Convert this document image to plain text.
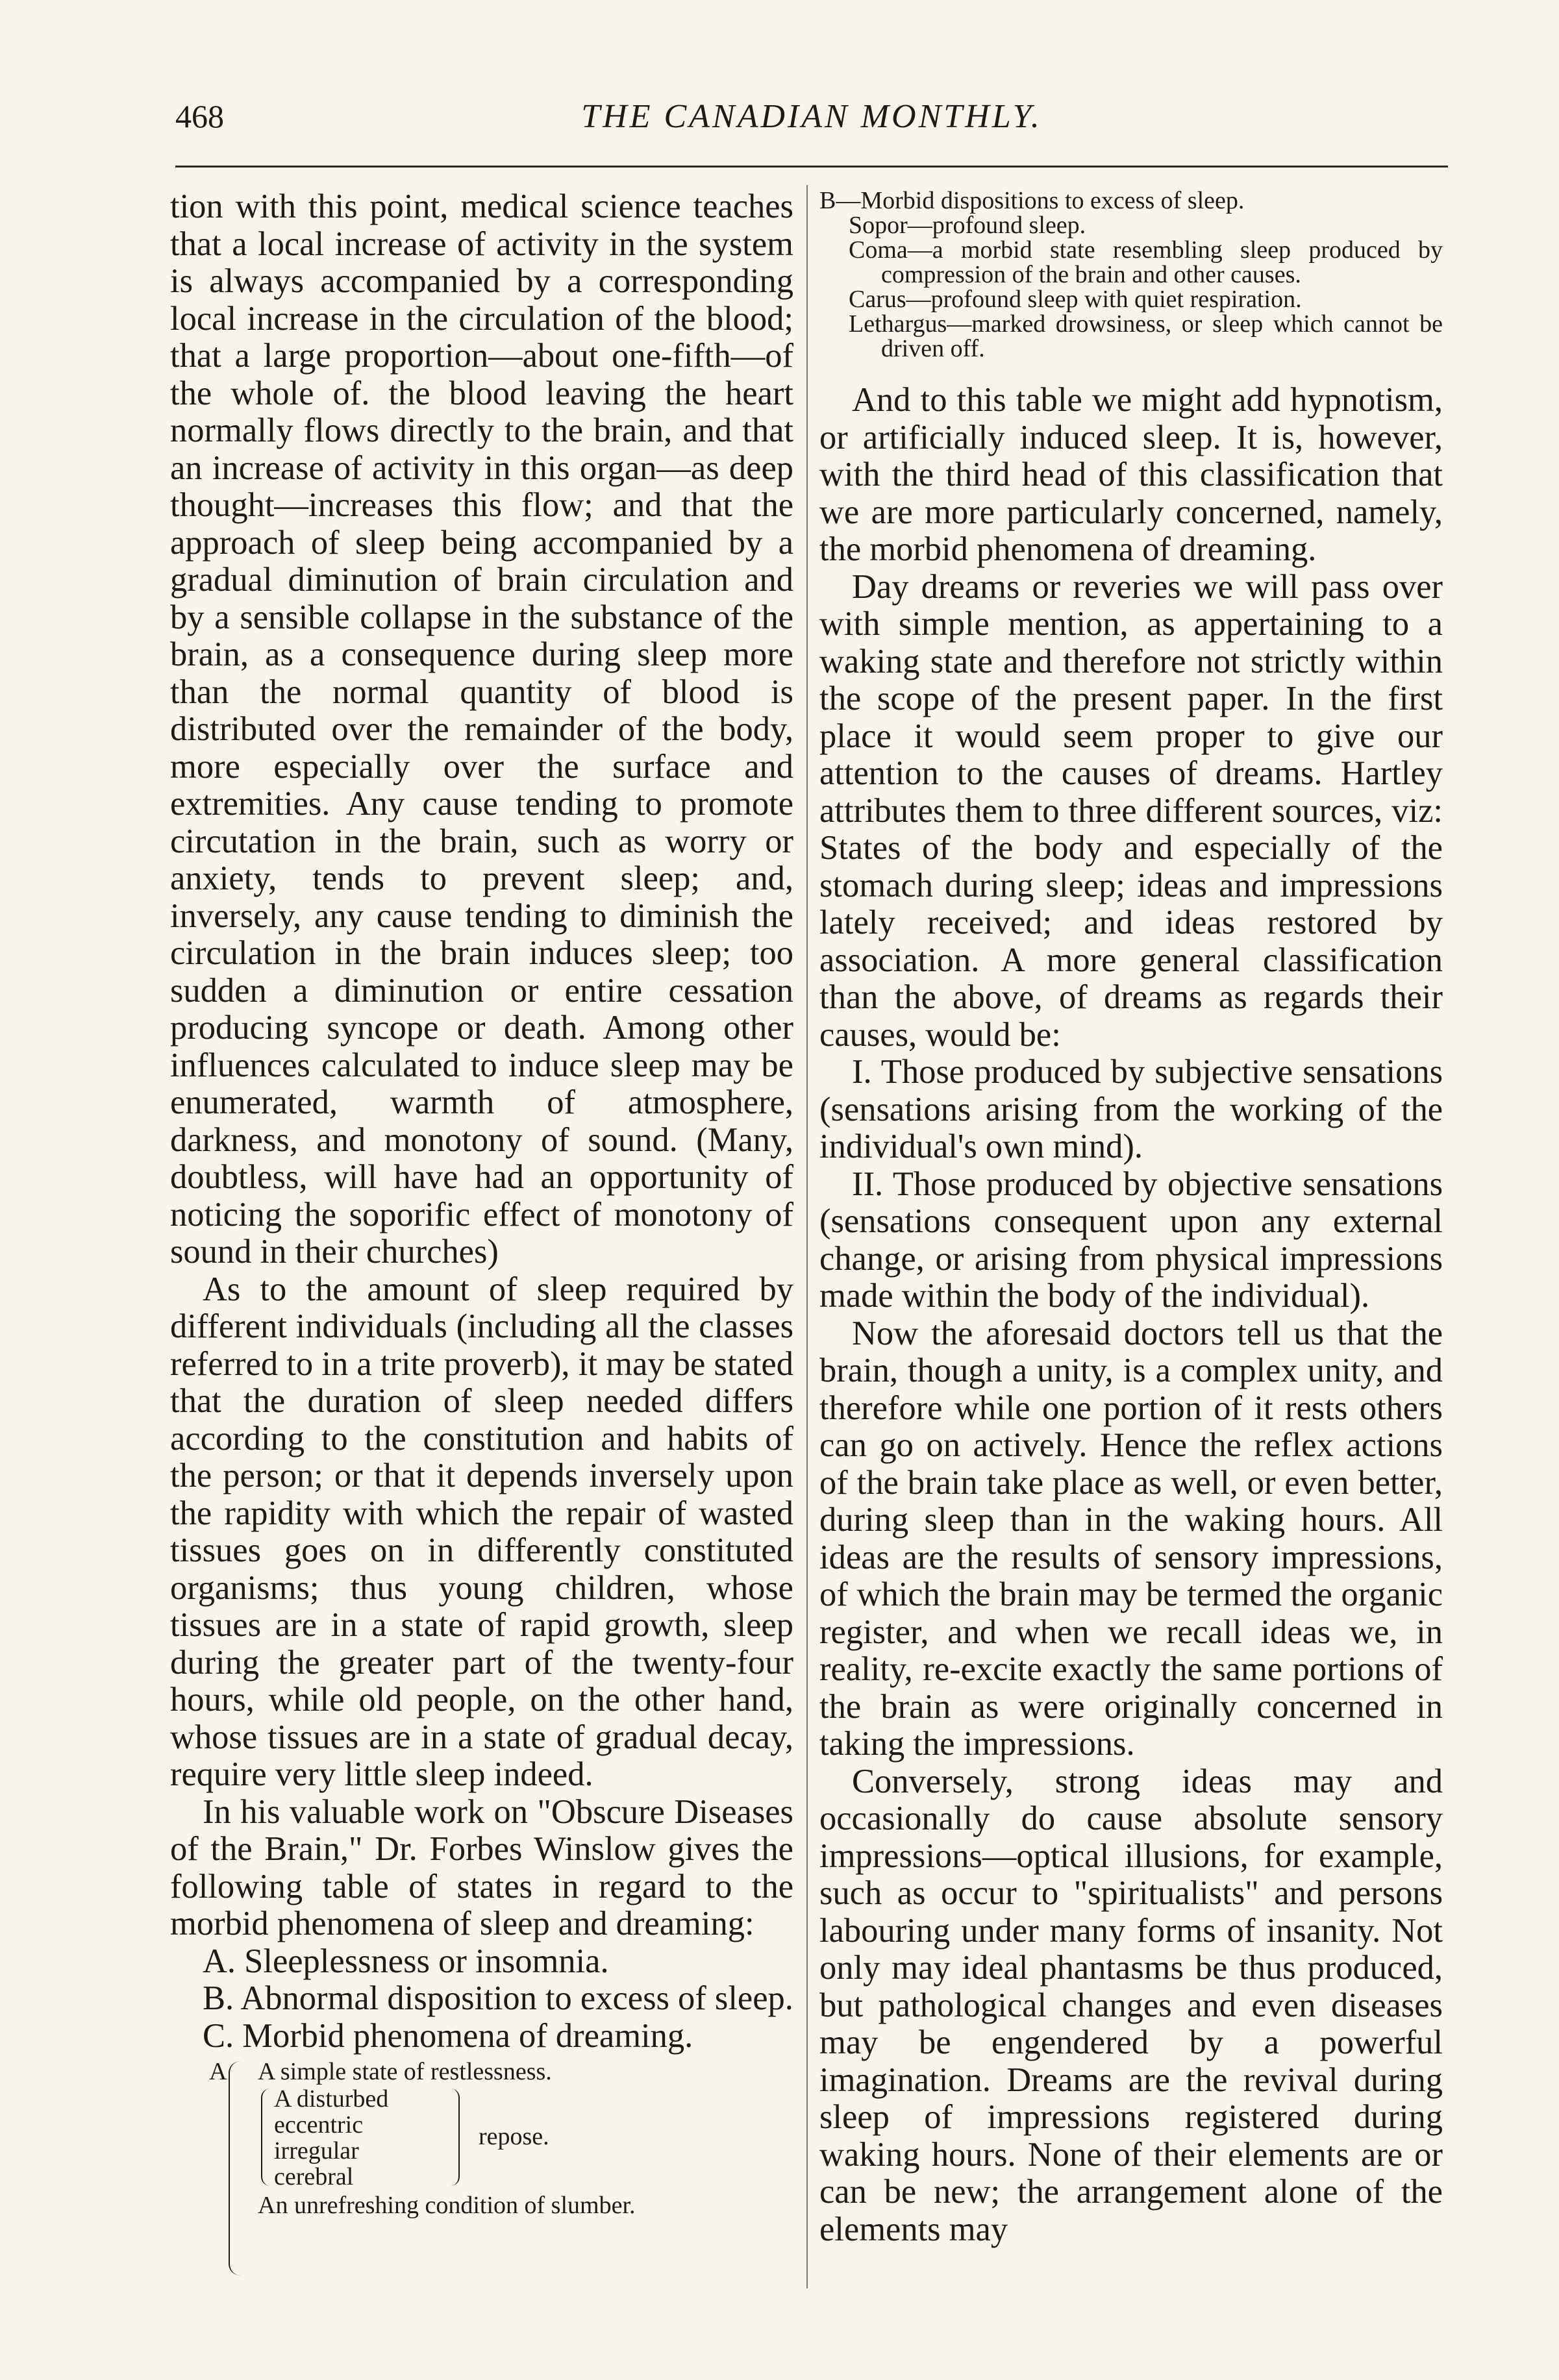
468	THE CANADIAN MONTHLY.

tion with this point, medical science teaches that a local increase of activity in the system is always accompanied by a corresponding local increase in the circulation of the blood; that a large proportion—about one-fifth—of the whole of. the blood leaving the heart normally flows directly to the brain, and that an increase of activity in this organ—as deep thought—increases this flow; and that the approach of sleep being accompanied by a gradual diminution of brain circulation and by a sensible collapse in the substance of the brain, as a consequence during sleep more than the normal quantity of blood is distributed over the remainder of the body, more especially over the surface and extremities. Any cause tending to promote circutation in the brain, such as worry or anxiety, tends to prevent sleep; and, inversely, any cause tending to diminish the circulation in the brain induces sleep; too sudden a diminution or entire cessation producing syncope or death. Among other influences calculated to induce sleep may be enumerated, warmth of atmosphere, darkness, and monotony of sound. (Many, doubtless, will have had an opportunity of noticing the soporific effect of monotony of sound in their churches)

As to the amount of sleep required by different individuals (including all the classes referred to in a trite proverb), it may be stated that the duration of sleep needed differs according to the constitution and habits of the person; or that it depends inversely upon the rapidity with which the repair of wasted tissues goes on in differently constituted organisms; thus young children, whose tissues are in a state of rapid growth, sleep during the greater part of the twenty-four hours, while old people, on the other hand, whose tissues are in a state of gradual decay, require very little sleep indeed.

In his valuable work on "Obscure Diseases of the Brain," Dr. Forbes Winslow gives the following table of states in regard to the morbid phenomena of sleep and dreaming:

A. Sleeplessness or insomnia.

B. Abnormal disposition to excess of sleep.

C. Morbid phenomena of dreaming.

A A simple state of restlessness.
A disturbed
eccentric
irregular
cerebral
repose.
An unrefreshing condition of slumber.

B—Morbid dispositions to excess of sleep.

Sopor—profound sleep.

Coma—a morbid state resembling sleep produced by compression of the brain and other causes.

Carus—profound sleep with quiet respiration.

Lethargus—marked drowsiness, or sleep which cannot be driven off.

And to this table we might add hypnotism, or artificially induced sleep. It is, however, with the third head of this classification that we are more particularly concerned, namely, the morbid phenomena of dreaming.

Day dreams or reveries we will pass over with simple mention, as appertaining to a waking state and therefore not strictly within the scope of the present paper. In the first place it would seem proper to give our attention to the causes of dreams. Hartley attributes them to three different sources, viz: States of the body and especially of the stomach during sleep; ideas and impressions lately received; and ideas restored by association. A more general classification than the above, of dreams as regards their causes, would be:

I. Those produced by subjective sensations (sensations arising from the working of the individual's own mind).

II. Those produced by objective sensations (sensations consequent upon any external change, or arising from physical impressions made within the body of the individual).

Now the aforesaid doctors tell us that the brain, though a unity, is a complex unity, and therefore while one portion of it rests others can go on actively. Hence the reflex actions of the brain take place as well, or even better, during sleep than in the waking hours. All ideas are the results of sensory impressions, of which the brain may be termed the organic register, and when we recall ideas we, in reality, re-excite exactly the same portions of the brain as were originally concerned in taking the impressions.

Conversely, strong ideas may and occasionally do cause absolute sensory impressions—optical illusions, for example, such as occur to "spiritualists" and persons labouring under many forms of insanity. Not only may ideal phantasms be thus produced, but pathological changes and even diseases may be engendered by a powerful imagination. Dreams are the revival during sleep of impressions registered during waking hours. None of their elements are or can be new; the arrangement alone of the elements may
